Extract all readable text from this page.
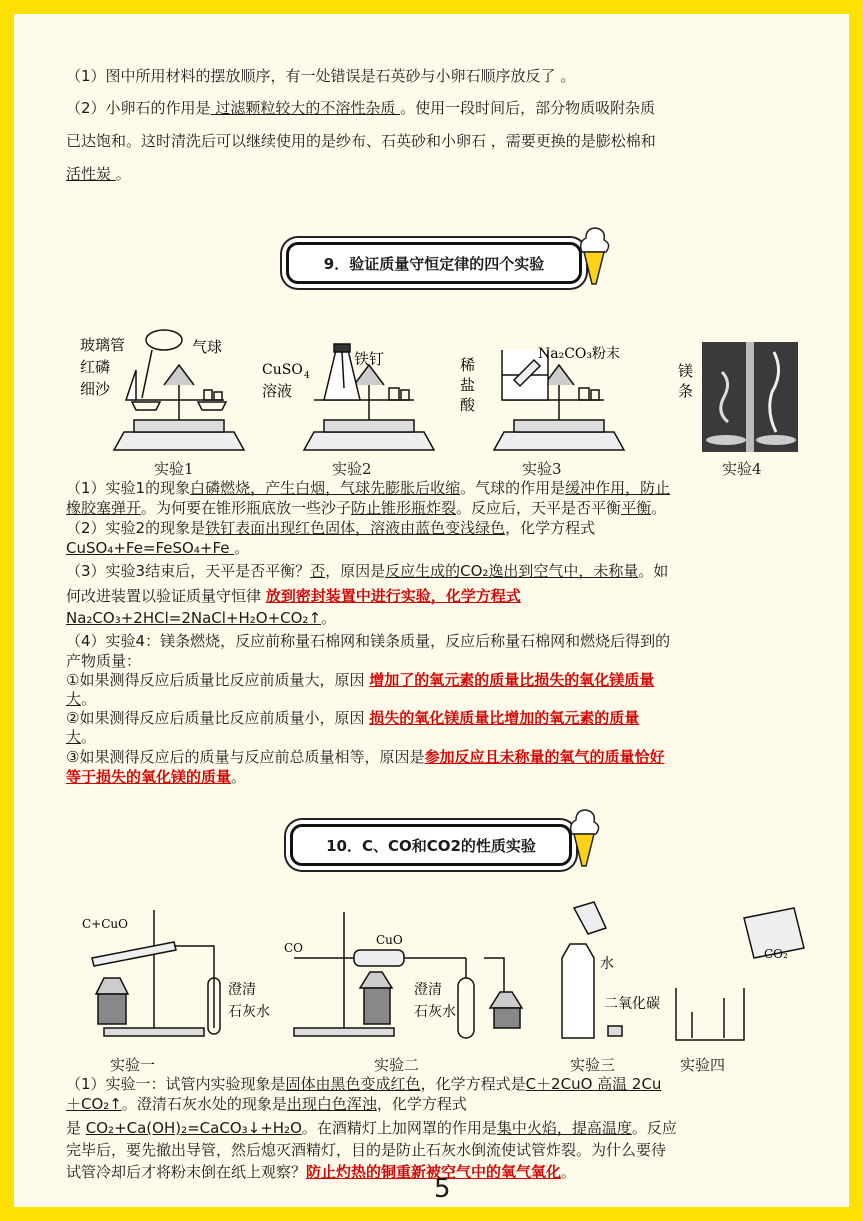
（1）图中所用材料的摆放顺序，有一处错误是石英砂与小卵石顺序放反了 。
（2）小卵石的作用是 过滤颗粒较大的不溶性杂质 。使用一段时间后，部分物质吸附杂质
已达饱和。这时清洗后可以继续使用的是纱布、石英砂和小卵石 ，需要更换的是膨松棉和
活性炭 。
9．验证质量守恒定律的四个实验
玻璃管
红磷
细沙
气球
CuSO 4
溶液
铁钉	稀
盐
酸
Na₂CO₃粉末
镁
条
实验1	实验2	实验3	实验4
（1）实验1的现象白磷燃烧，产生白烟，气球先膨胀后收缩。气球的作用是缓冲作用，防止
橡胶塞弹开。为何要在锥形瓶底放一些沙子防止锥形瓶炸裂。反应后，天平是否平衡平衡。
（2）实验2的现象是铁钉表面出现红色固体，溶液由蓝色变浅绿色，化学方程式
CuSO₄+Fe=FeSO₄+Fe 。
（3）实验3结束后，天平是否平衡？否，原因是反应生成的CO₂逸出到空气中，未称量。如
何改进装置以验证质量守恒律 放到密封装置中进行实验，化学方程式
Na₂CO₃+2HCl=2NaCl+H₂O+CO₂↑。
（4）实验4：镁条燃烧，反应前称量石棉网和镁条质量，反应后称量石棉网和燃烧后得到的
产物质量：
①如果测得反应后质量比反应前质量大，原因 增加了的氧元素的质量比损失的氧化镁质量
大。
②如果测得反应后质量比反应前质量小，原因 损失的氧化镁质量比增加的氧元素的质量
大。
③如果测得反应后的质量与反应前总质量相等，原因是参加反应且未称量的氧气的质量恰好
等于损失的氧化镁的质量。
10．C、CO和CO2的性质实验
C+CuO
澄清
石灰水
CO
CuO
澄清
石灰水
水
二氧化碳
CO₂
实验一	实验二	实验三	实验四
（1）实验一：试管内实验现象是固体由黑色变成红色，化学方程式是C＋2CuO 高温 2Cu
＋CO₂↑。澄清石灰水处的现象是出现白色浑浊，化学方程式
是 CO₂+Ca(OH)₂=CaCO₃↓+H₂O。在酒精灯上加网罩的作用是集中火焰，提高温度。反应
完毕后，要先撤出导管，然后熄灭酒精灯，目的是防止石灰水倒流使试管炸裂。为什么要待
试管冷却后才将粉末倒在纸上观察？防止灼热的铜重新被空气中的氧气氧化。
5
